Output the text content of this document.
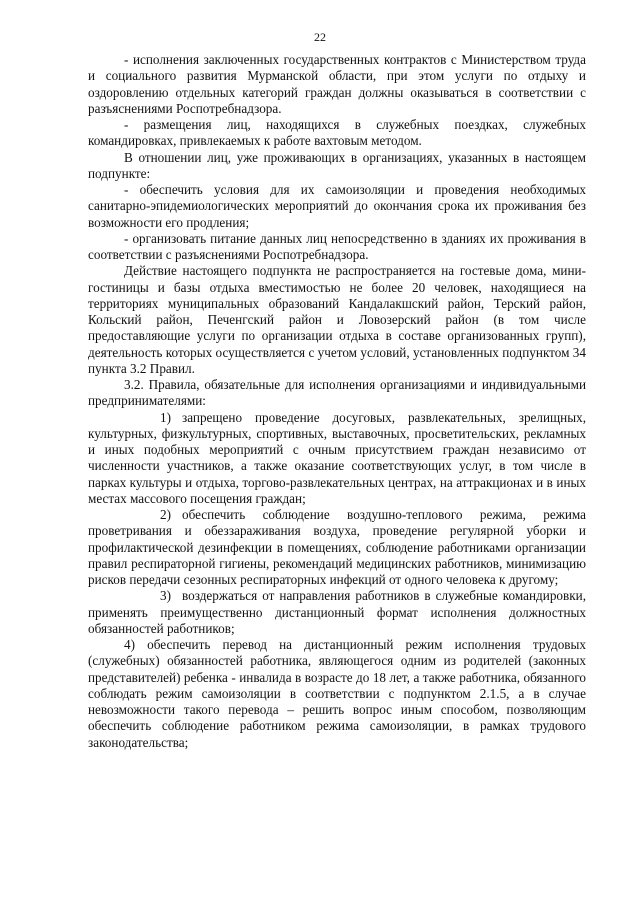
22

- исполнения заключенных государственных контрактов с Министерством труда и социального развития Мурманской области, при этом услуги по отдыху и оздоровлению отдельных категорий граждан должны оказываться в соответствии с разъяснениями Роспотребнадзора.

- размещения лиц, находящихся в служебных поездках, служебных командировках, привлекаемых к работе вахтовым методом.

В отношении лиц, уже проживающих в организациях, указанных в настоящем подпункте:

- обеспечить условия для их самоизоляции и проведения необходимых санитарно-эпидемиологических мероприятий до окончания срока их проживания без возможности его продления;

- организовать питание данных лиц непосредственно в зданиях их проживания в соответствии с разъяснениями Роспотребнадзора.

Действие настоящего подпункта не распространяется на гостевые дома, мини-гостиницы и базы отдыха вместимостью не более 20 человек, находящиеся на территориях муниципальных образований Кандалакшский район, Терский район, Кольский район, Печенгский район и Ловозерский район (в том числе предоставляющие услуги по организации отдыха в составе организованных групп), деятельность которых осуществляется с учетом условий, установленных подпунктом 34 пункта 3.2 Правил.

3.2. Правила, обязательные для исполнения организациями и индивидуальными предпринимателями:

1) запрещено проведение досуговых, развлекательных, зрелищных, культурных, физкультурных, спортивных, выставочных, просветительских, рекламных и иных подобных мероприятий с очным присутствием граждан независимо от численности участников, а также оказание соответствующих услуг, в том числе в парках культуры и отдыха, торгово-развлекательных центрах, на аттракционах и в иных местах массового посещения граждан;

2) обеспечить соблюдение воздушно-теплового режима, режима проветривания и обеззараживания воздуха, проведение регулярной уборки и профилактической дезинфекции в помещениях, соблюдение работниками организации правил респираторной гигиены, рекомендаций медицинских работников, минимизацию рисков передачи сезонных респираторных инфекций от одного человека к другому;

3) воздержаться от направления работников в служебные командировки, применять преимущественно дистанционный формат исполнения должностных обязанностей работников;

4) обеспечить перевод на дистанционный режим исполнения трудовых (служебных) обязанностей работника, являющегося одним из родителей (законных представителей) ребенка - инвалида в возрасте до 18 лет, а также работника, обязанного соблюдать режим самоизоляции в соответствии с подпунктом 2.1.5, а в случае невозможности такого перевода – решить вопрос иным способом, позволяющим обеспечить соблюдение работником режима самоизоляции, в рамках трудового законодательства;
